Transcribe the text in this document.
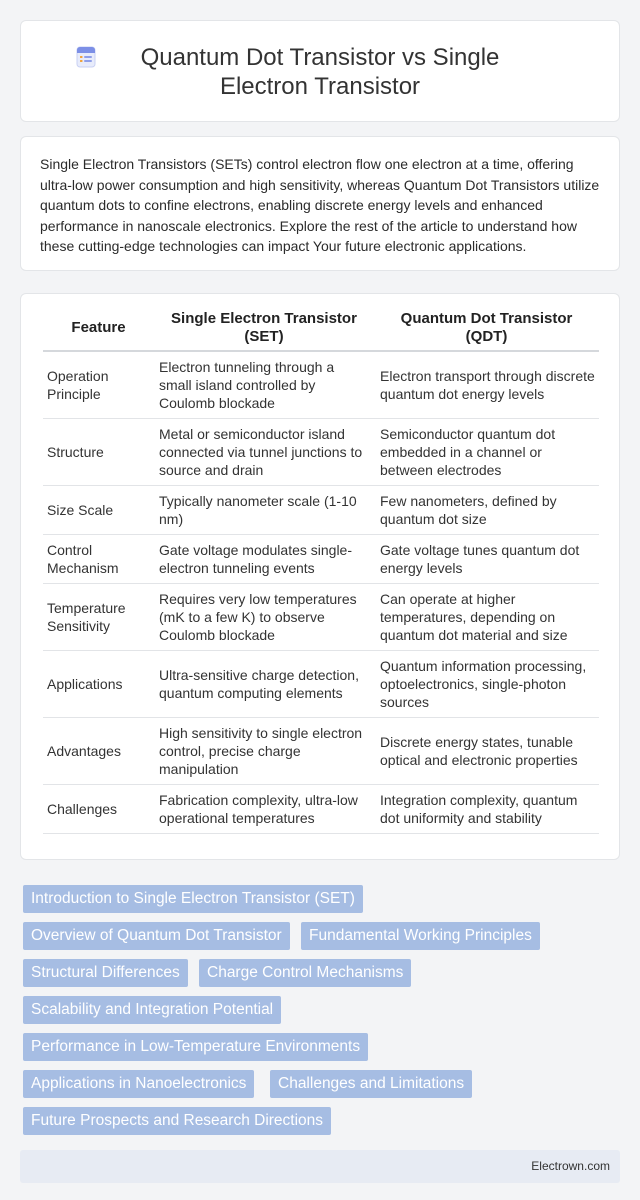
Quantum Dot Transistor vs Single Electron Transistor

Single Electron Transistors (SETs) control electron flow one electron at a time, offering ultra-low power consumption and high sensitivity, whereas Quantum Dot Transistors utilize quantum dots to confine electrons, enabling discrete energy levels and enhanced performance in nanoscale electronics. Explore the rest of the article to understand how these cutting-edge technologies can impact Your future electronic applications.

Feature	Single Electron Transistor (SET)	Quantum Dot Transistor (QDT)
Operation Principle	Electron tunneling through a small island controlled by Coulomb blockade	Electron transport through discrete quantum dot energy levels
Structure	Metal or semiconductor island connected via tunnel junctions to source and drain	Semiconductor quantum dot embedded in a channel or between electrodes
Size Scale	Typically nanometer scale (1-10 nm)	Few nanometers, defined by quantum dot size
Control Mechanism	Gate voltage modulates single-electron tunneling events	Gate voltage tunes quantum dot energy levels
Temperature Sensitivity	Requires very low temperatures (mK to a few K) to observe Coulomb blockade	Can operate at higher temperatures, depending on quantum dot material and size
Applications	Ultra-sensitive charge detection, quantum computing elements	Quantum information processing, optoelectronics, single-photon sources
Advantages	High sensitivity to single electron control, precise charge manipulation	Discrete energy states, tunable optical and electronic properties
Challenges	Fabrication complexity, ultra-low operational temperatures	Integration complexity, quantum dot uniformity and stability
Introduction to Single Electron Transistor (SET)
Overview of Quantum Dot Transistor	Fundamental Working Principles
Structural Differences	Charge Control Mechanisms
Scalability and Integration Potential
Performance in Low-Temperature Environments
Applications in Nanoelectronics	Challenges and Limitations
Future Prospects and Research Directions
Electrown.com
